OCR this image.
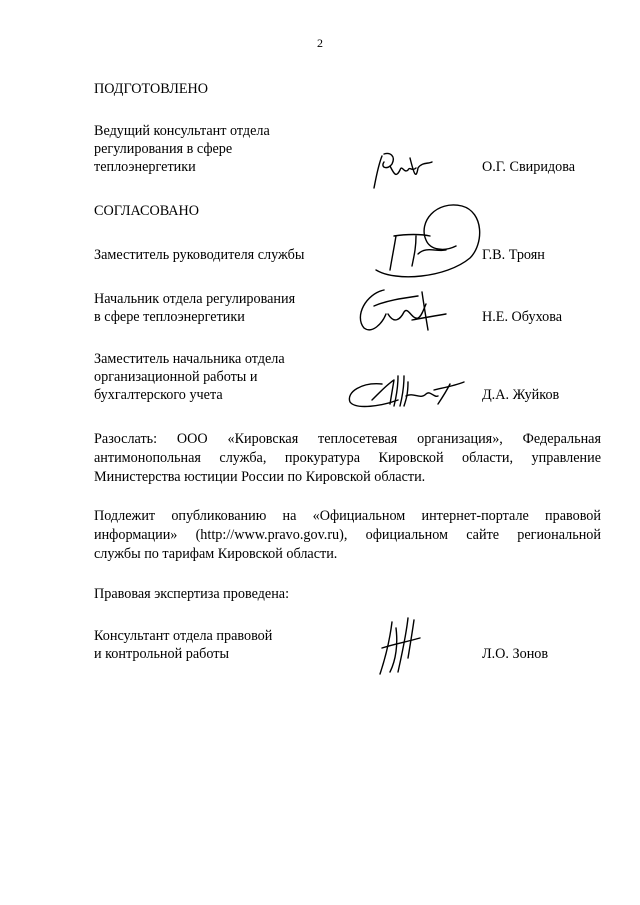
2
ПОДГОТОВЛЕНО
Ведущий консультант отдела
регулирования в сфере
теплоэнергетики	О.Г. Свиридова
СОГЛАСОВАНО
Заместитель руководителя службы	Г.В. Троян
Начальник отдела регулирования
в сфере теплоэнергетики	Н.Е. Обухова
Заместитель начальника отдела
организационной работы и
бухгалтерского учета	Д.А. Жуйков
Разослать: ООО «Кировская теплосетевая организация», Федеральная
антимонопольная служба, прокуратура Кировской области, управление
Министерства юстиции России по Кировской области.
Подлежит опубликованию на «Официальном интернет-портале правовой
информации» (http://www.pravo.gov.ru), официальном сайте региональной
службы по тарифам Кировской области.
Правовая экспертиза проведена:
Консультант отдела правовой
и контрольной работы	Л.О. Зонов
